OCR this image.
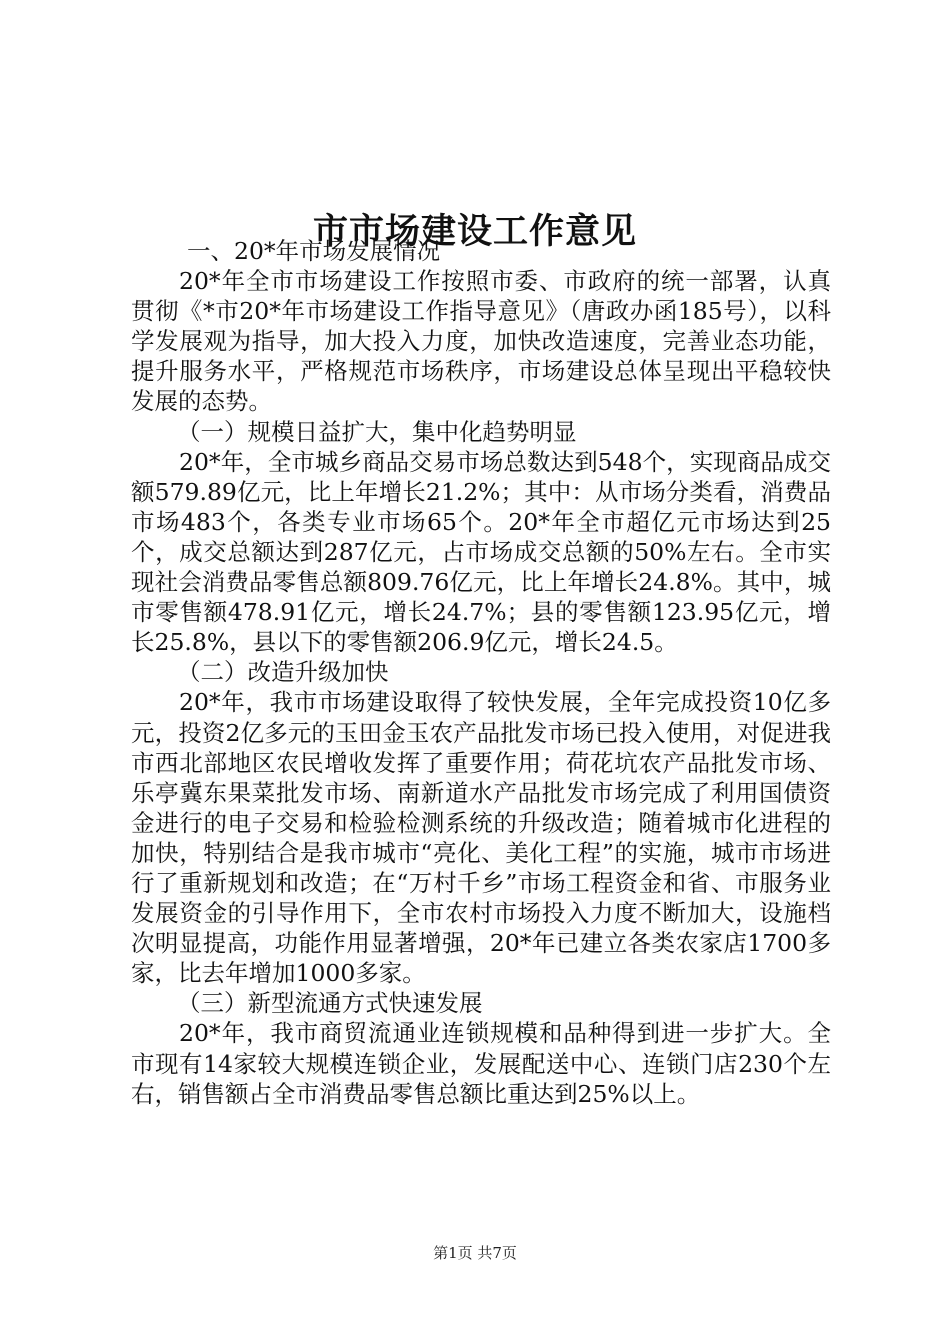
市市场建设工作意见

一、20*年市场发展情况

20*年全市市场建设工作按照市委、市政府的统一部署，认真贯彻《*市20*年市场建设工作指导意见》（唐政办函185号），以科学发展观为指导，加大投入力度，加快改造速度，完善业态功能，提升服务水平，严格规范市场秩序，市场建设总体呈现出平稳较快发展的态势。

（一）规模日益扩大，集中化趋势明显

20*年，全市城乡商品交易市场总数达到548个，实现商品成交额579.89亿元，比上年增长21.2%；其中：从市场分类看，消费品市场483个，各类专业市场65个。20*年全市超亿元市场达到25个，成交总额达到287亿元，占市场成交总额的50%左右。全市实现社会消费品零售总额809.76亿元，比上年增长24.8%。其中，城市零售额478.91亿元，增长24.7%；县的零售额123.95亿元，增长25.8%，县以下的零售额206.9亿元，增长24.5。

（二）改造升级加快

20*年，我市市场建设取得了较快发展，全年完成投资10亿多元，投资2亿多元的玉田金玉农产品批发市场已投入使用，对促进我市西北部地区农民增收发挥了重要作用；荷花坑农产品批发市场、乐亭冀东果菜批发市场、南新道水产品批发市场完成了利用国债资金进行的电子交易和检验检测系统的升级改造；随着城市化进程的加快，特别结合是我市城市“亮化、美化工程”的实施，城市市场进行了重新规划和改造；在“万村千乡”市场工程资金和省、市服务业发展资金的引导作用下，全市农村市场投入力度不断加大，设施档次明显提高，功能作用显著增强，20*年已建立各类农家店1700多家，比去年增加1000多家。

（三）新型流通方式快速发展

20*年，我市商贸流通业连锁规模和品种得到进一步扩大。全市现有14家较大规模连锁企业，发展配送中心、连锁门店230个左右，销售额占全市消费品零售总额比重达到25%以上。

第1页 共7页
